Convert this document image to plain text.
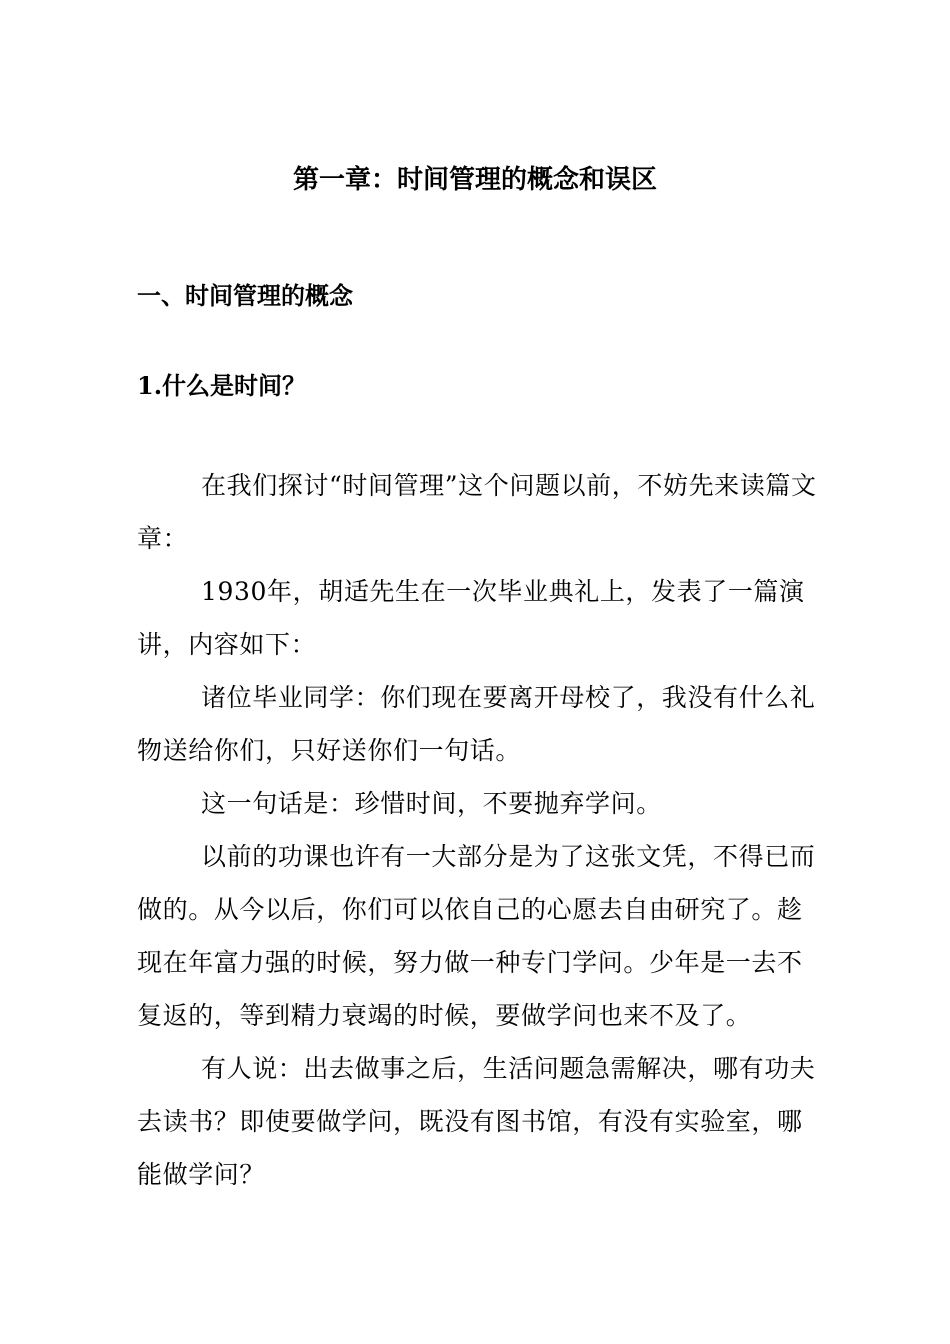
第一章：时间管理的概念和误区
一、时间管理的概念
1.什么是时间？

在我们探讨“时间管理”这个问题以前，不妨先来读篇文章：

1930年，胡适先生在一次毕业典礼上，发表了一篇演讲，内容如下：

诸位毕业同学：你们现在要离开母校了，我没有什么礼物送给你们，只好送你们一句话。

这一句话是：珍惜时间，不要抛弃学问。

以前的功课也许有一大部分是为了这张文凭，不得已而做的。从今以后，你们可以依自己的心愿去自由研究了。趁现在年富力强的时候，努力做一种专门学问。少年是一去不复返的，等到精力衰竭的时候，要做学问也来不及了。

有人说：出去做事之后，生活问题急需解决，哪有功夫去读书？即使要做学问，既没有图书馆，有没有实验室，哪能做学问？
